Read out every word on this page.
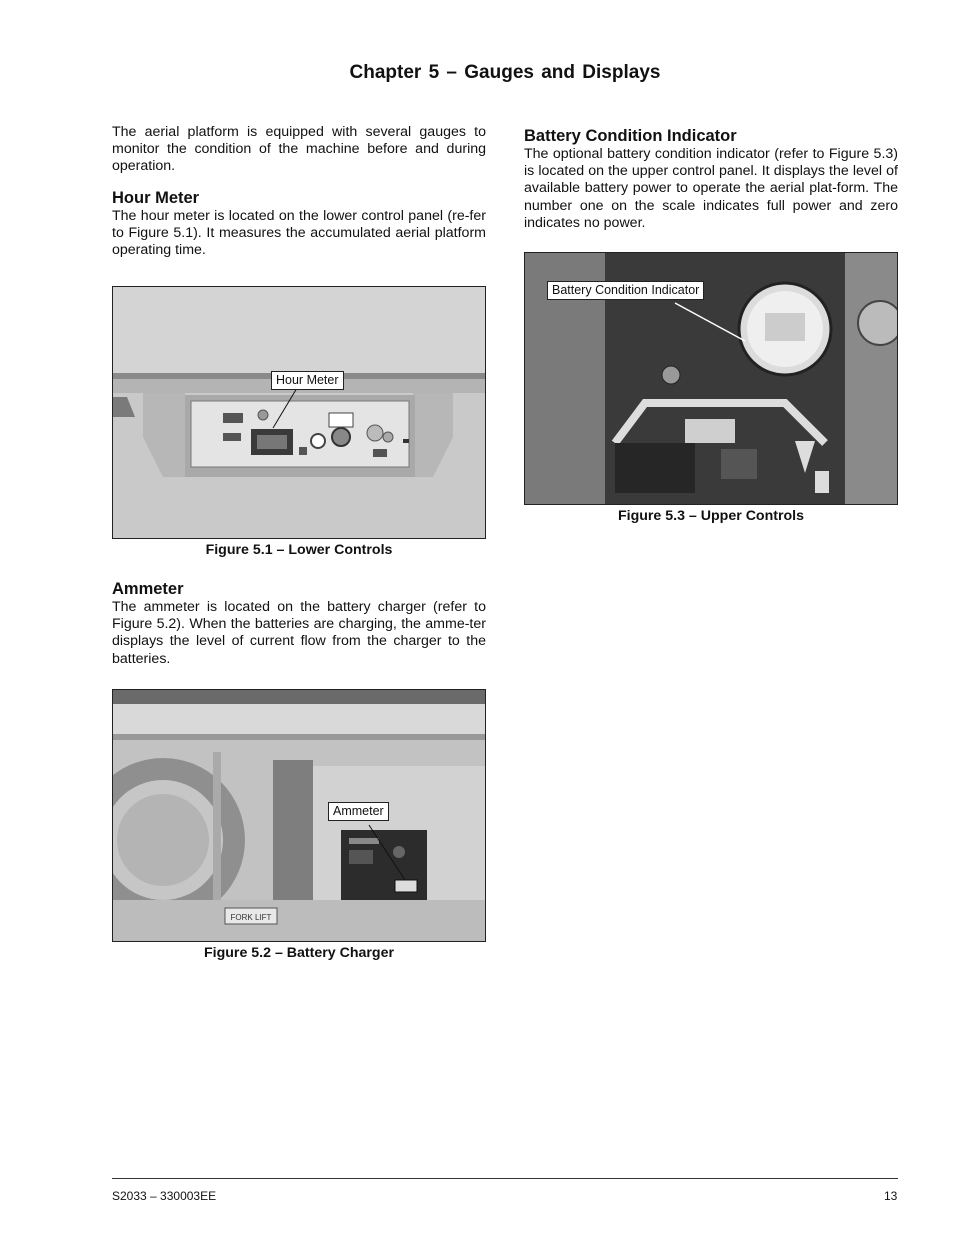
Chapter 5 – Gauges and Displays

The aerial platform is equipped with several gauges to monitor the condition of the machine before and during operation.

Hour Meter

The hour meter is located on the lower control panel (re-fer to Figure 5.1). It measures the accumulated aerial platform operating time.

Hour Meter
Figure 5.1 – Lower Controls
Ammeter

The ammeter is located on the battery charger (refer to Figure 5.2). When the batteries are charging, the amme-ter displays the level of current flow from the charger to the batteries.

FORK LIFT
Ammeter
Figure 5.2 – Battery Charger
Battery Condition Indicator

The optional battery condition indicator (refer to Figure 5.3) is located on the upper control panel. It displays the level of available battery power to operate the aerial plat-form. The number one on the scale indicates full power and zero indicates no power.

Battery Condition Indicator
Figure 5.3 – Upper Controls
S2033 – 330003EE	13
